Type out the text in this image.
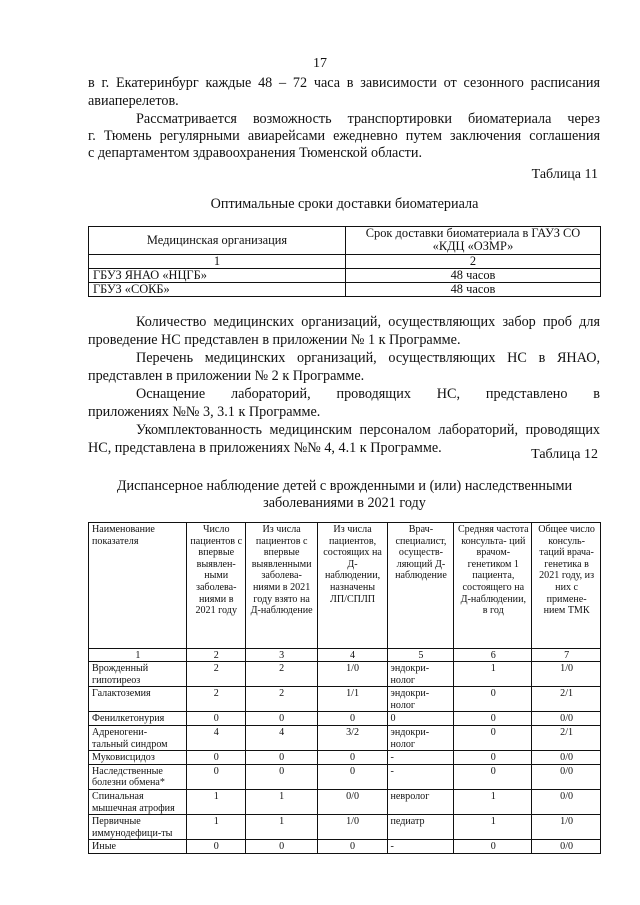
17
в г. Екатеринбург каждые 48 – 72 часа в зависимости от сезонного расписания
авиаперелетов.
Рассматривается возможность транспортировки биоматериала через
г. Тюмень регулярными авиарейсами ежедневно путем заключения соглашения
с департаментом здравоохранения Тюменской области.
Таблица 11
Оптимальные сроки доставки биоматериала
Медицинская организация	Срок доставки биоматериала в ГАУЗ СО «КДЦ «ОЗМР»
1	2
ГБУЗ ЯНАО «НЦГБ»	48 часов
ГБУЗ «СОКБ»	48 часов
Количество медицинских организаций, осуществляющих забор проб для
проведение НС представлен в приложении № 1 к Программе.
Перечень медицинских организаций, осуществляющих НС в ЯНАО,
представлен в приложении № 2 к Программе.
Оснащение лабораторий, проводящих НС, представлено в
приложениях №№ 3, 3.1 к Программе.
Укомплектованность медицинским персоналом лабораторий, проводящих
НС, представлена в приложениях №№ 4, 4.1 к Программе.	Таблица 12
Диспансерное наблюдение детей с врожденными и (или) наследственными
заболеваниями в 2021 году
Наименование показателя	Число пациентов с впервые выявлен- ными заболева- ниями в 2021 году	Из числа пациентов с впервые выявленными заболева- ниями в 2021 году взято на Д-наблюдение	Из числа пациентов, состоящих на Д-наблюдении, назначены ЛП/СПЛП	Врач-специалист, осуществ- ляющий Д-наблюдение	Средняя частота консульта- ций врачом-генетиком 1 пациента, состоящего на Д-наблюдении, в год	Общее число консуль- таций врача-генетика в 2021 году, из них с примене- нием ТМК
1	2	3	4	5	6	7
Врожденный гипотиреоз	2	2	1/0	эндокри- нолог	1	1/0
Галактоземия	2	2	1/1	эндокри- нолог	0	2/1
Фенилкетонурия	0	0	0	0	0	0/0
Адреногени- тальный синдром	4	4	3/2	эндокри- нолог	0	2/1
Муковисцидоз	0	0	0	-	0	0/0
Наследственные болезни обмена*	0	0	0	-	0	0/0
Спинальная мышечная атрофия	1	1	0/0	невролог	1	0/0
Первичные иммунодефици-ты	1	1	1/0	педиатр	1	1/0
Иные	0	0	0	-	0	0/0
